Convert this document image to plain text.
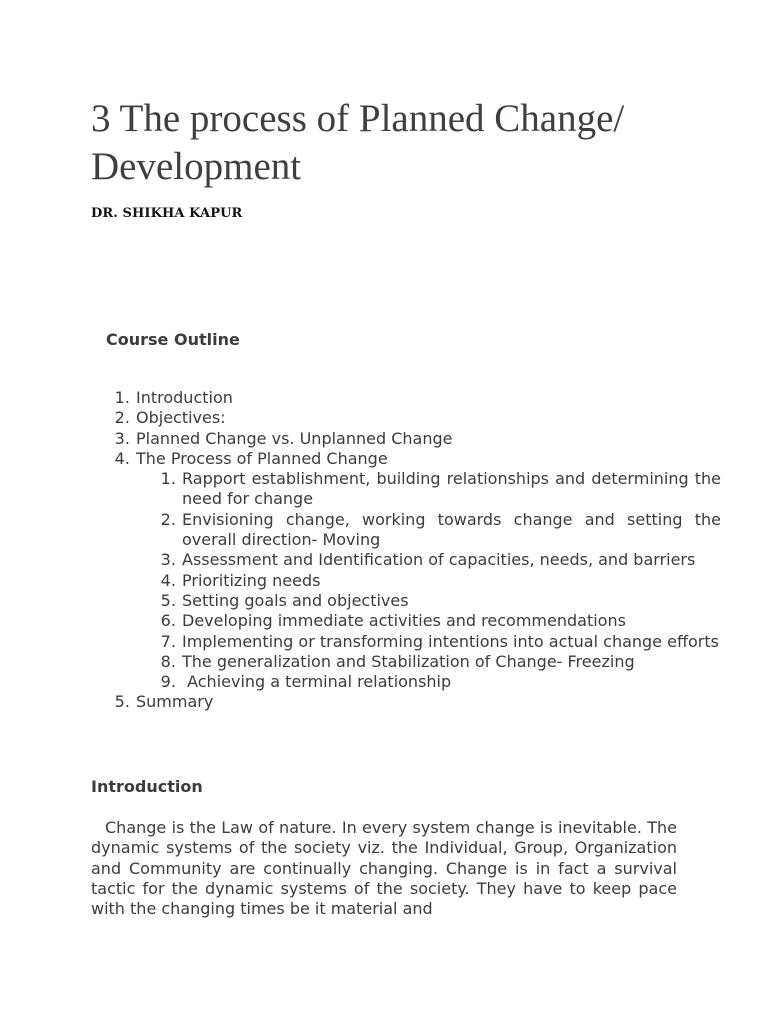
3 The process of Planned Change/ Development

DR. SHIKHA KAPUR

Course Outline

1. Introduction
2. Objectives:
3. Planned Change vs. Unplanned Change
4. The Process of Planned Change
1. Rapport establishment, building relationships and determining the need for change
2. Envisioning change, working towards change and setting the overall direction- Moving
3. Assessment and Identification of capacities, needs, and barriers
4. Prioritizing needs
5. Setting goals and objectives
6. Developing immediate activities and recommendations
7. Implementing or transforming intentions into actual change efforts
8. The generalization and Stabilization of Change- Freezing
9.  Achieving a terminal relationship
5. Summary

Introduction

Change is the Law of nature. In every system change is inevitable. The dynamic systems of the society viz. the Individual, Group, Organization and Community are continually changing. Change is in fact a survival tactic for the dynamic systems of the society. They have to keep pace with the changing times be it material and
